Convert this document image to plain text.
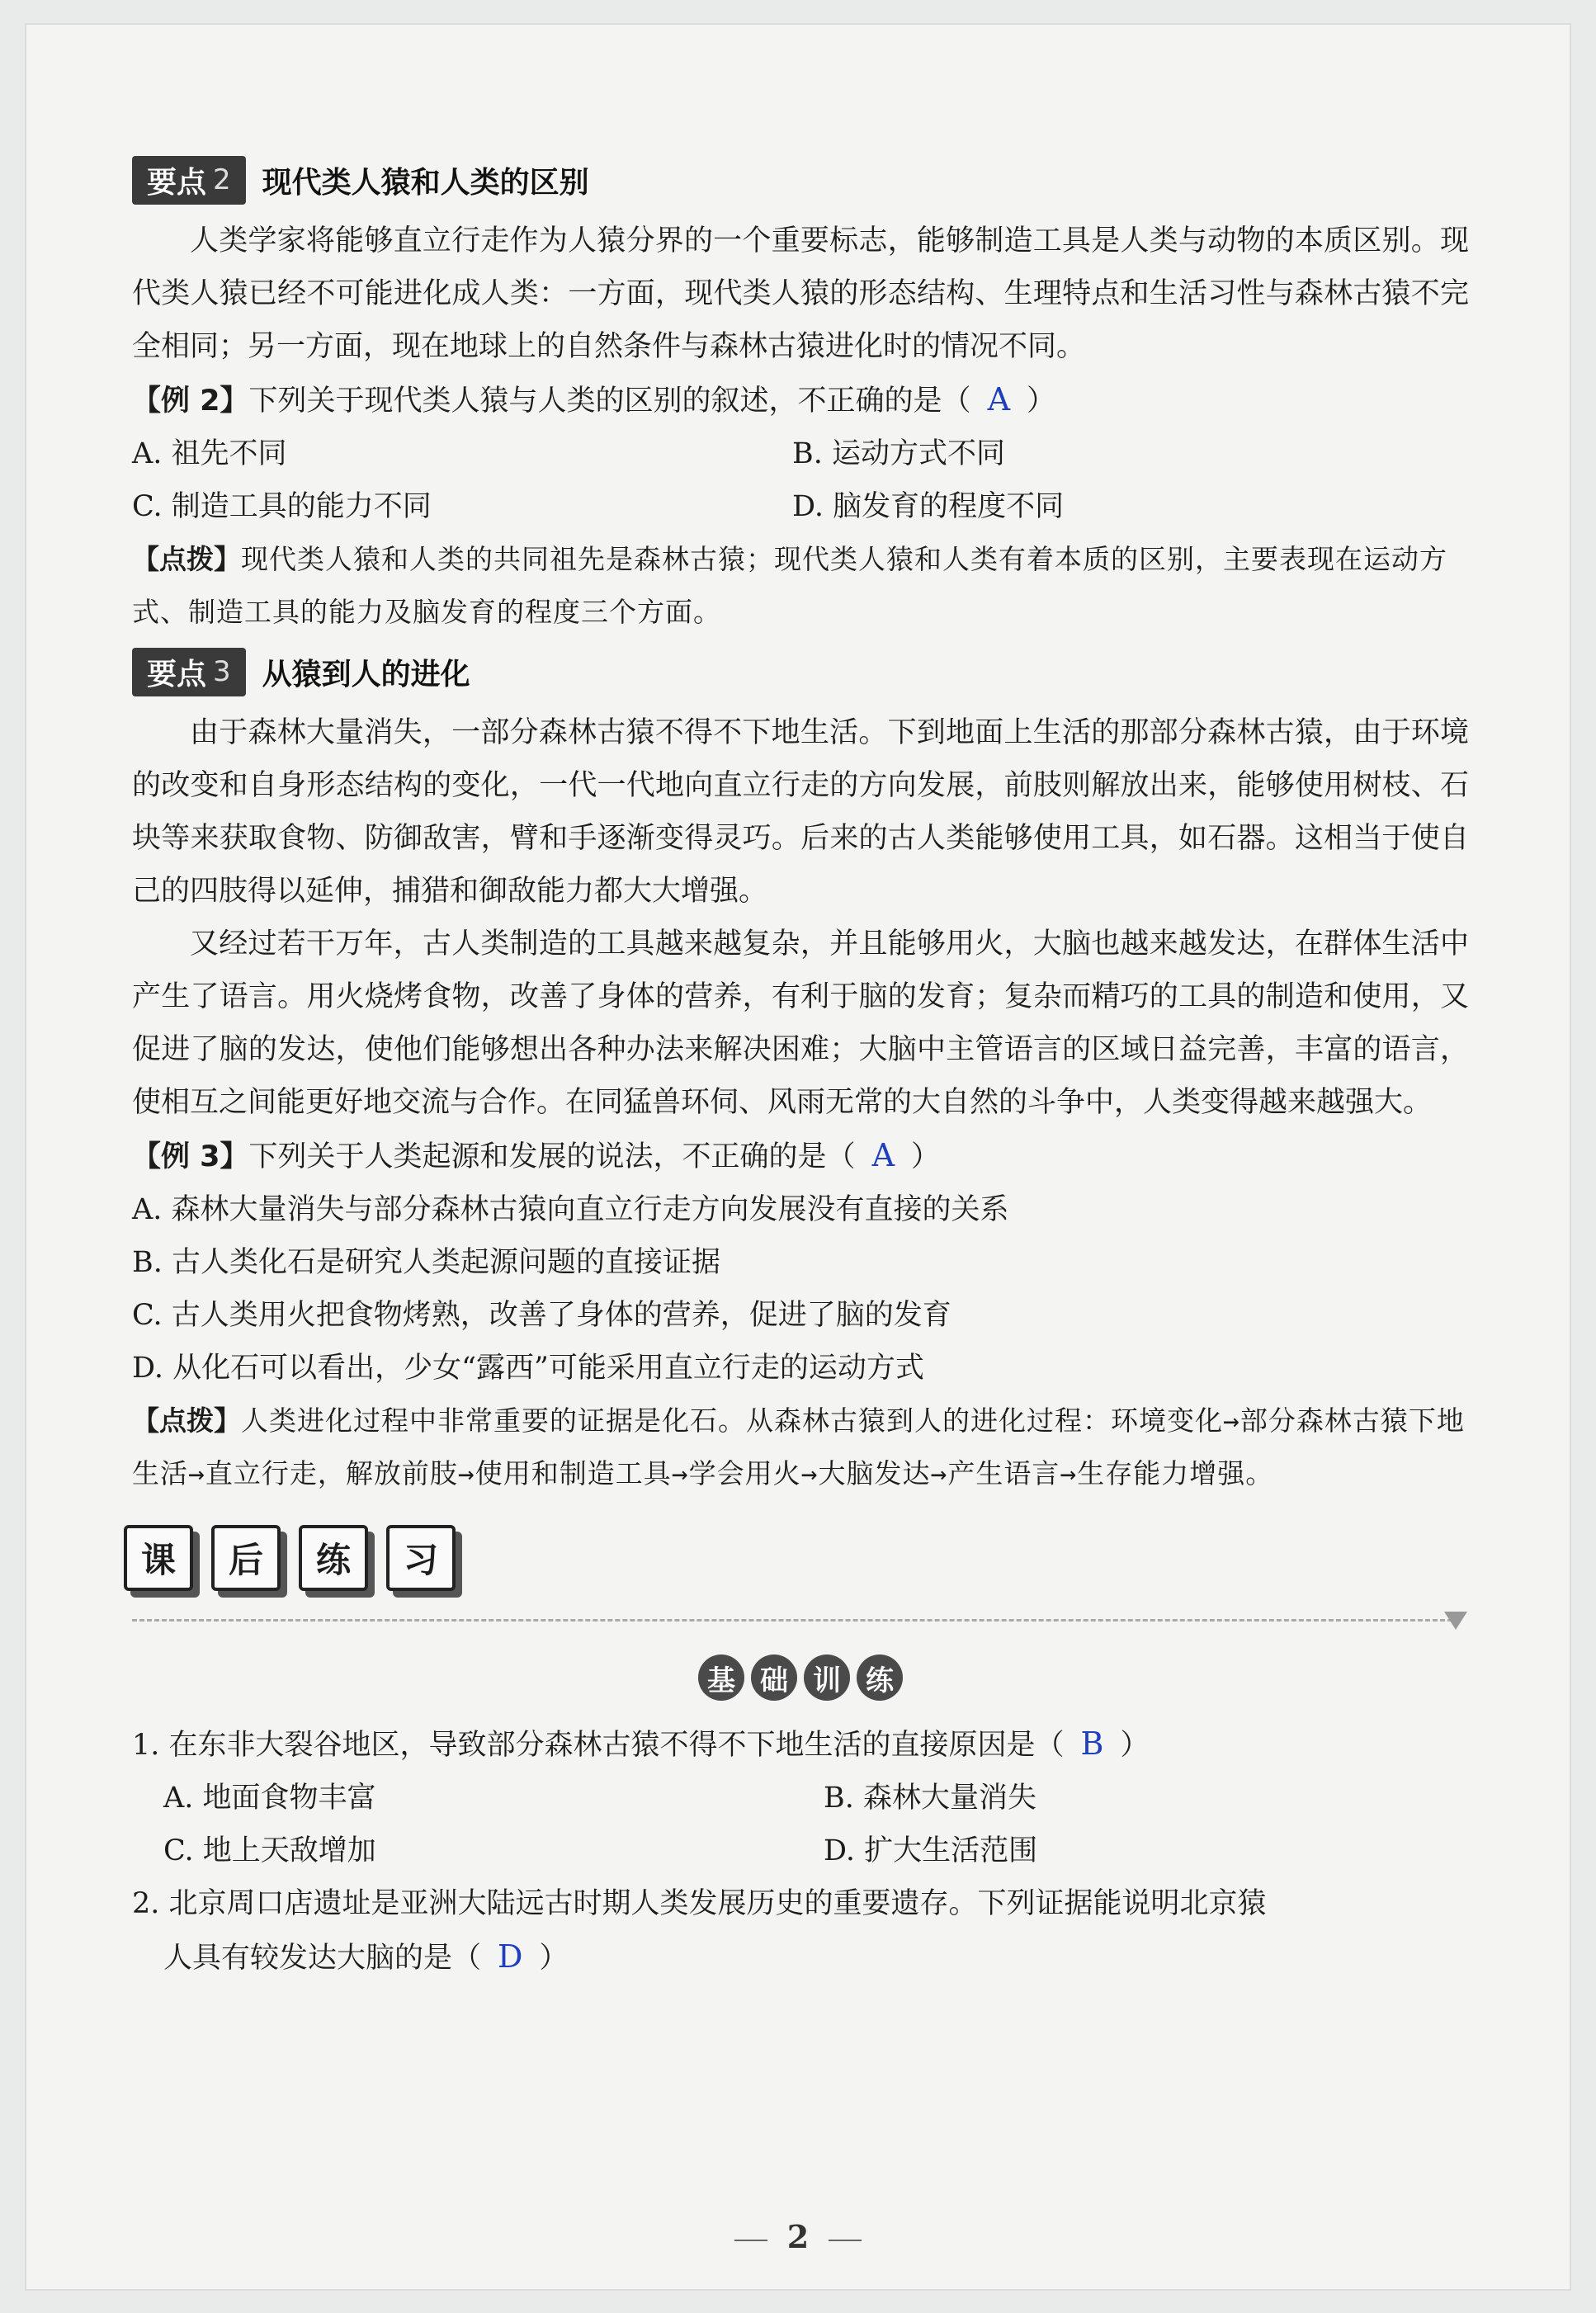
要点 2 现代类人猿和人类的区别

人类学家将能够直立行走作为人猿分界的一个重要标志，能够制造工具是人类与动物的本质区别。现代类人猿已经不可能进化成人类：一方面，现代类人猿的形态结构、生理特点和生活习性与森林古猿不完全相同；另一方面，现在地球上的自然条件与森林古猿进化时的情况不同。

【例 2】下列关于现代类人猿与人类的区别的叙述，不正确的是（ A ）

A. 祖先不同	B. 运动方式不同

C. 制造工具的能力不同	D. 脑发育的程度不同

【点拨】现代类人猿和人类的共同祖先是森林古猿；现代类人猿和人类有着本质的区别，主要表现在运动方式、制造工具的能力及脑发育的程度三个方面。

要点 3 从猿到人的进化

由于森林大量消失，一部分森林古猿不得不下地生活。下到地面上生活的那部分森林古猿，由于环境的改变和自身形态结构的变化，一代一代地向直立行走的方向发展，前肢则解放出来，能够使用树枝、石块等来获取食物、防御敌害，臂和手逐渐变得灵巧。后来的古人类能够使用工具，如石器。这相当于使自己的四肢得以延伸，捕猎和御敌能力都大大增强。

又经过若干万年，古人类制造的工具越来越复杂，并且能够用火，大脑也越来越发达，在群体生活中产生了语言。用火烧烤食物，改善了身体的营养，有利于脑的发育；复杂而精巧的工具的制造和使用，又促进了脑的发达，使他们能够想出各种办法来解决困难；大脑中主管语言的区域日益完善，丰富的语言，使相互之间能更好地交流与合作。在同猛兽环伺、风雨无常的大自然的斗争中，人类变得越来越强大。

【例 3】下列关于人类起源和发展的说法，不正确的是（ A ）

A. 森林大量消失与部分森林古猿向直立行走方向发展没有直接的关系

B. 古人类化石是研究人类起源问题的直接证据

C. 古人类用火把食物烤熟，改善了身体的营养，促进了脑的发育

D. 从化石可以看出，少女“露西”可能采用直立行走的运动方式

【点拨】人类进化过程中非常重要的证据是化石。从森林古猿到人的进化过程：环境变化→部分森林古猿下地生活→直立行走，解放前肢→使用和制造工具→学会用火→大脑发达→产生语言→生存能力增强。

课	后	练	习
基 础 训 练

1. 在东非大裂谷地区，导致部分森林古猿不得不下地生活的直接原因是（ B ）

A. 地面食物丰富	B. 森林大量消失

C. 地上天敌增加	D. 扩大生活范围

2. 北京周口店遗址是亚洲大陆远古时期人类发展历史的重要遗存。下列证据能说明北京猿

人具有较发达大脑的是（ D ）

2
